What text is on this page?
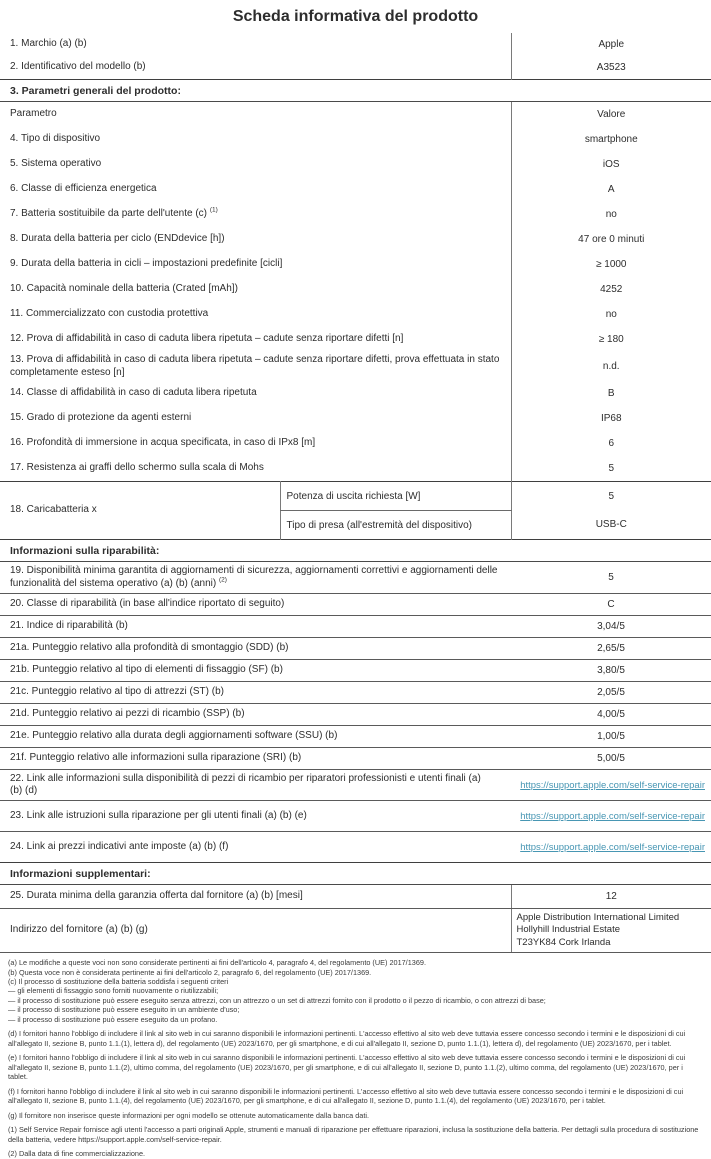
Scheda informativa del prodotto
1. Marchio (a) (b)	Apple
2. Identificativo del modello (b)	A3523
3. Parametri generali del prodotto:
Parametro	Valore
4. Tipo di dispositivo	smartphone
5. Sistema operativo	iOS
6. Classe di efficienza energetica	A
7. Batteria sostituibile da parte dell'utente (c) $^{(1)}$	no
8. Durata della batteria per ciclo (ENDdevice [h])	47 ore 0 minuti
9. Durata della batteria in cicli – impostazioni predefinite [cicli]	≥ 1000
10. Capacità nominale della batteria (Crated [mAh])	4252
11. Commercializzato con custodia protettiva	no
12. Prova di affidabilità in caso di caduta libera ripetuta – cadute senza riportare difetti [n]	≥ 180
13. Prova di affidabilità in caso di caduta libera ripetuta – cadute senza riportare difetti, prova effettuata in stato completamente esteso [n]	n.d.
14. Classe di affidabilità in caso di caduta libera ripetuta	B
15. Grado di protezione da agenti esterni	IP68
16. Profondità di immersione in acqua specificata, in caso di IPx8 [m]	6
17. Resistenza ai graffi dello schermo sulla scala di Mohs	5
18. Caricabatteria x	Potenza di uscita richiesta [W]	5
	Tipo di presa (all'estremità del dispositivo)	USB-C
Informazioni sulla riparabilità:
19. Disponibilità minima garantita di aggiornamenti di sicurezza, aggiornamenti correttivi e aggiornamenti delle funzionalità del sistema operativo (a) (b) (anni) $^{(2)}$	5
20. Classe di riparabilità (in base all'indice riportato di seguito)	C
21. Indice di riparabilità (b)	3,04/5
21a. Punteggio relativo alla profondità di smontaggio (SDD) (b)	2,65/5
21b. Punteggio relativo al tipo di elementi di fissaggio (SF) (b)	3,80/5
21c. Punteggio relativo al tipo di attrezzi (ST) (b)	2,05/5
21d. Punteggio relativo ai pezzi di ricambio (SSP) (b)	4,00/5
21e. Punteggio relativo alla durata degli aggiornamenti software (SSU) (b)	1,00/5
21f. Punteggio relativo alle informazioni sulla riparazione (SRI) (b)	5,00/5
22. Link alle informazioni sulla disponibilità di pezzi di ricambio per riparatori professionisti e utenti finali (a) (b) (d)	https://support.apple.com/self-service-repair
23. Link alle istruzioni sulla riparazione per gli utenti finali (a) (b) (e)	https://support.apple.com/self-service-repair
24. Link ai prezzi indicativi ante imposte (a) (b) (f)	https://support.apple.com/self-service-repair
Informazioni supplementari:
25. Durata minima della garanzia offerta dal fornitore (a) (b) [mesi]	12
Indirizzo del fornitore (a) (b) (g)	Apple Distribution International Limited
Hollyhill Industrial Estate
T23YK84 Cork Irlanda

(a) Le modifiche a queste voci non sono considerate pertinenti ai fini dell'articolo 4, paragrafo 4, del regolamento (UE) 2017/1369.

(b) Questa voce non è considerata pertinente ai fini dell'articolo 2, paragrafo 6, del regolamento (UE) 2017/1369.

(c) Il processo di sostituzione della batteria soddisfa i seguenti criteri

— gli elementi di fissaggio sono forniti nuovamente o riutilizzabili;

— il processo di sostituzione può essere eseguito senza attrezzi, con un attrezzo o un set di attrezzi fornito con il prodotto o il pezzo di ricambio, o con attrezzi di base;

— il processo di sostituzione può essere eseguito in un ambiente d'uso;

— il processo di sostituzione può essere eseguito da un profano.

(d) I fornitori hanno l'obbligo di includere il link al sito web in cui saranno disponibili le informazioni pertinenti. L'accesso effettivo al sito web deve tuttavia essere concesso secondo i termini e le disposizioni di cui all'allegato II, sezione B, punto 1.1.(1), lettera d), del regolamento (UE) 2023/1670, per gli smartphone, e di cui all'allegato II, sezione D, punto 1.1.(1), lettera d), del regolamento (UE) 2023/1670, per i tablet.

(e) I fornitori hanno l'obbligo di includere il link al sito web in cui saranno disponibili le informazioni pertinenti. L'accesso effettivo al sito web deve tuttavia essere concesso secondo i termini e le disposizioni di cui all'allegato II, sezione B, punto 1.1.(2), ultimo comma, del regolamento (UE) 2023/1670, per gli smartphone, e di cui all'allegato II, sezione D, punto 1.1.(2), ultimo comma, del regolamento (UE) 2023/1670, per i tablet.

(f) I fornitori hanno l'obbligo di includere il link al sito web in cui saranno disponibili le informazioni pertinenti. L'accesso effettivo al sito web deve tuttavia essere concesso secondo i termini e le disposizioni di cui all'allegato II, sezione B, punto 1.1.(4), del regolamento (UE) 2023/1670, per gli smartphone, e di cui all'allegato II, sezione D, punto 1.1.(4), del regolamento (UE) 2023/1670, per i tablet.

(g) Il fornitore non inserisce queste informazioni per ogni modello se ottenute automaticamente dalla banca dati.

(1) Self Service Repair fornisce agli utenti l'accesso a parti originali Apple, strumenti e manuali di riparazione per effettuare riparazioni, inclusa la sostituzione della batteria. Per dettagli sulla procedura di sostituzione della batteria, vedere https://support.apple.com/self-service-repair.

(2) Dalla data di fine commercializzazione.
